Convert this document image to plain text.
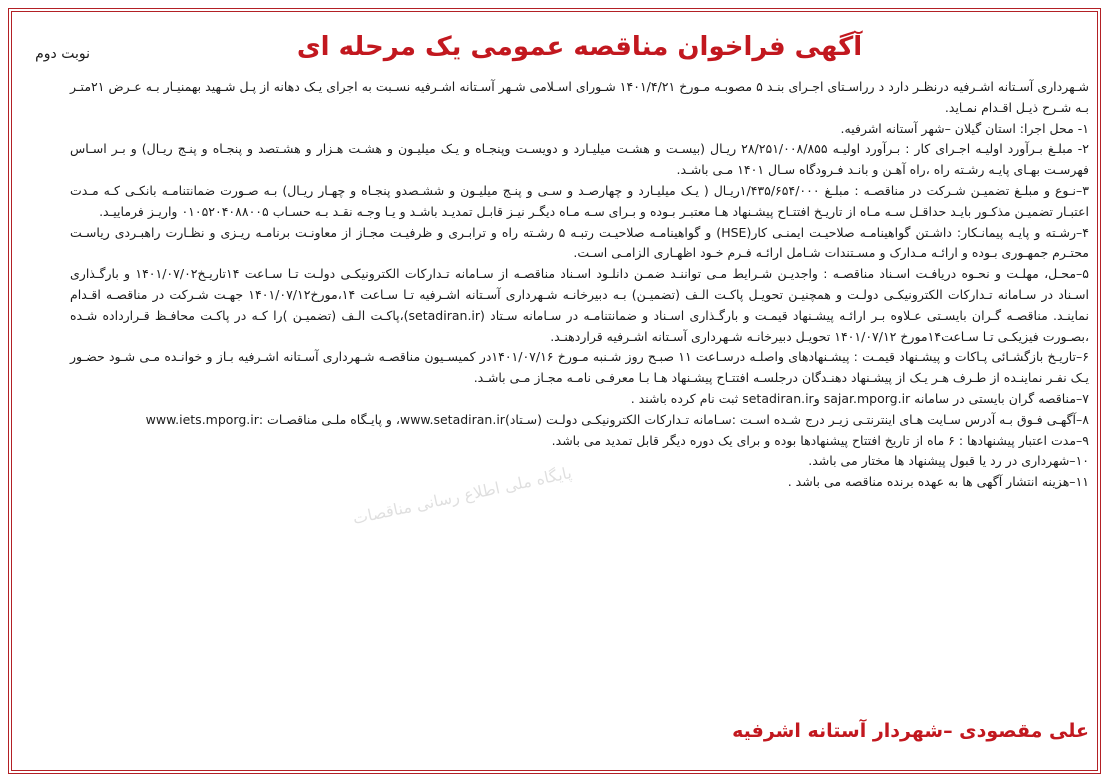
نوبت دوم	آگهی فراخوان مناقصه عمومی یک مرحله ای

شـهرداری آسـتانه اشـرفیه درنظـر دارد د رراسـتای اجـرای بنـد ۵ مصوبـه مـورخ ۱۴۰۱/۴/۲۱ شـورای اسـلامی شـهر آسـتانه اشـرفیه نسـبت به اجرای یـک دهانه از پـل شـهید بهمنیـار بـه عـرض ۲۱متـر بـه شـرح ذیـل اقـدام نمـاید.

۱- محل اجرا: استان گیلان –شهر آستانه اشرفیه.

۲- مبلـغ بـرآورد اولیـه اجـرای کار : بـرآورد اولیـه ۲۸/۲۵۱/۰۰۸/۸۵۵ ریـال (بیسـت و هشـت میلیـارد و دویسـت وپنجـاه و یـک میلیـون و هشـت هـزار و هشـتصد و پنجـاه و پنـج ریـال) و بـر اسـاس فهرسـت بهـای پایـه رشـته راه ،راه آهـن و بانـد فـرودگاه سـال ۱۴۰۱ مـی باشـد.

۳–نـوع و مبلـغ تضمیـن شـرکت در مناقصـه : مبلـغ ۱/۴۳۵/۶۵۴/۰۰۰ریـال ( یـک میلیـارد و چهارصـد و سـی و پنـج میلیـون و ششـصدو پنجـاه و چهـار ریـال) بـه صـورت ضمانتنامـه بانکـی کـه مـدت اعتبـار تضمیـن مذکـور بایـد حداقـل سـه مـاه از تاریـخ افتتـاح پیشـنهاد هـا معتبـر بـوده و بـرای سـه مـاه دیگـر نیـز قابـل تمدیـد باشـد و یـا وجـه نقـد بـه حسـاب ۰۱۰۵۲۰۴۰۸۸۰۰۵ واریـز فرماییـد.

۴–رشـته و پایـه پیمانـکار: داشـتن گواهینامـه صلاحیـت ایمنـی کار(HSE) و گواهینامـه صلاحیـت رتبـه ۵ رشـته راه و ترابـری و ظرفیـت مجـاز از معاونـت برنامـه ریـزی و نظـارت راهبـردی ریاسـت محتـرم جمهـوری بـوده و ارائـه مـدارک و مسـتندات شـامل ارائـه فـرم خـود اظهـاری الزامـی اسـت.

۵–محـل، مهلـت و نحـوه دریافـت اسـناد مناقصـه : واجدیـن شـرایط مـی تواننـد ضمـن دانلـود اسـناد مناقصـه از سـامانه تـدارکات الکترونیکـی دولـت تـا سـاعت ۱۴تاریـخ۱۴۰۱/۰۷/۰۲ و بارگـذاری اسـناد در سـامانه تـدارکات الکترونیکـی دولـت و همچنیـن تحویـل پاکـت الـف (تضمیـن) بـه دبیرخانـه شـهرداری آسـتانه اشـرفیه تـا سـاعت ۱۴،مورخ۱۴۰۱/۰۷/۱۲ جهـت شـرکت در مناقصـه اقـدام نماینـد. مناقصـه گـران بایسـتی عـلاوه بـر ارائـه پیشـنهاد قیمـت و بارگـذاری اسـناد و ضمانتنامـه در سـامانه سـتاد (setadiran.ir)،پاکـت الـف (تضمیـن )را کـه در پاکـت محافـظ قـرارداده شـده ،بصـورت فیزیکـی تـا سـاعت۱۴مورخ ۱۴۰۱/۰۷/۱۲ تحویـل دبیرخانـه شـهرداری آسـتانه اشـرفیه قراردهنـد.

۶–تاریـخ بازگشـائی پـاکات و پیشـنهاد قیمـت : پیشـنهادهای واصلـه درسـاعت ۱۱ صبـح روز شـنبه مـورخ ۱۴۰۱/۰۷/۱۶در کمیسـیون مناقصـه شـهرداری آسـتانه اشـرفیه بـاز و خوانـده مـی شـود حضـور یـک نفـر نماینـده از طـرف هـر یـک از پیشـنهاد دهنـدگان درجلسـه افتتـاح پیشـنهاد هـا بـا معرفـی نامـه مجـاز مـی باشـد.

۷–مناقصه گران بایستی در سامانه sajar.mporg.ir وsetadiran.ir ثبت نام کرده باشند .

۸–آگهـی فـوق بـه آدرس سـایت هـای اینترنتـی زیـر درج شـده اسـت :سـامانه تـدارکات الکترونیکـی دولـت (سـتاد)www.setadiran.ir، و پایـگاه ملـی مناقصـات :www.iets.mporg.ir

۹–مدت اعتبار پیشنهادها : ۶ ماه از تاریخ افتتاح پیشنهادها بوده و برای یک دوره دیگر قابل تمدید می باشد.

۱۰–شهرداری در رد یا قبول پیشنهاد ها مختار می باشد.

۱۱–هزینه انتشار آگهی ها به عهده برنده مناقصه می باشد .

پایگاه ملی اطلاع رسانی مناقصات
علی مقصودی –شهردار آستانه اشرفیه
